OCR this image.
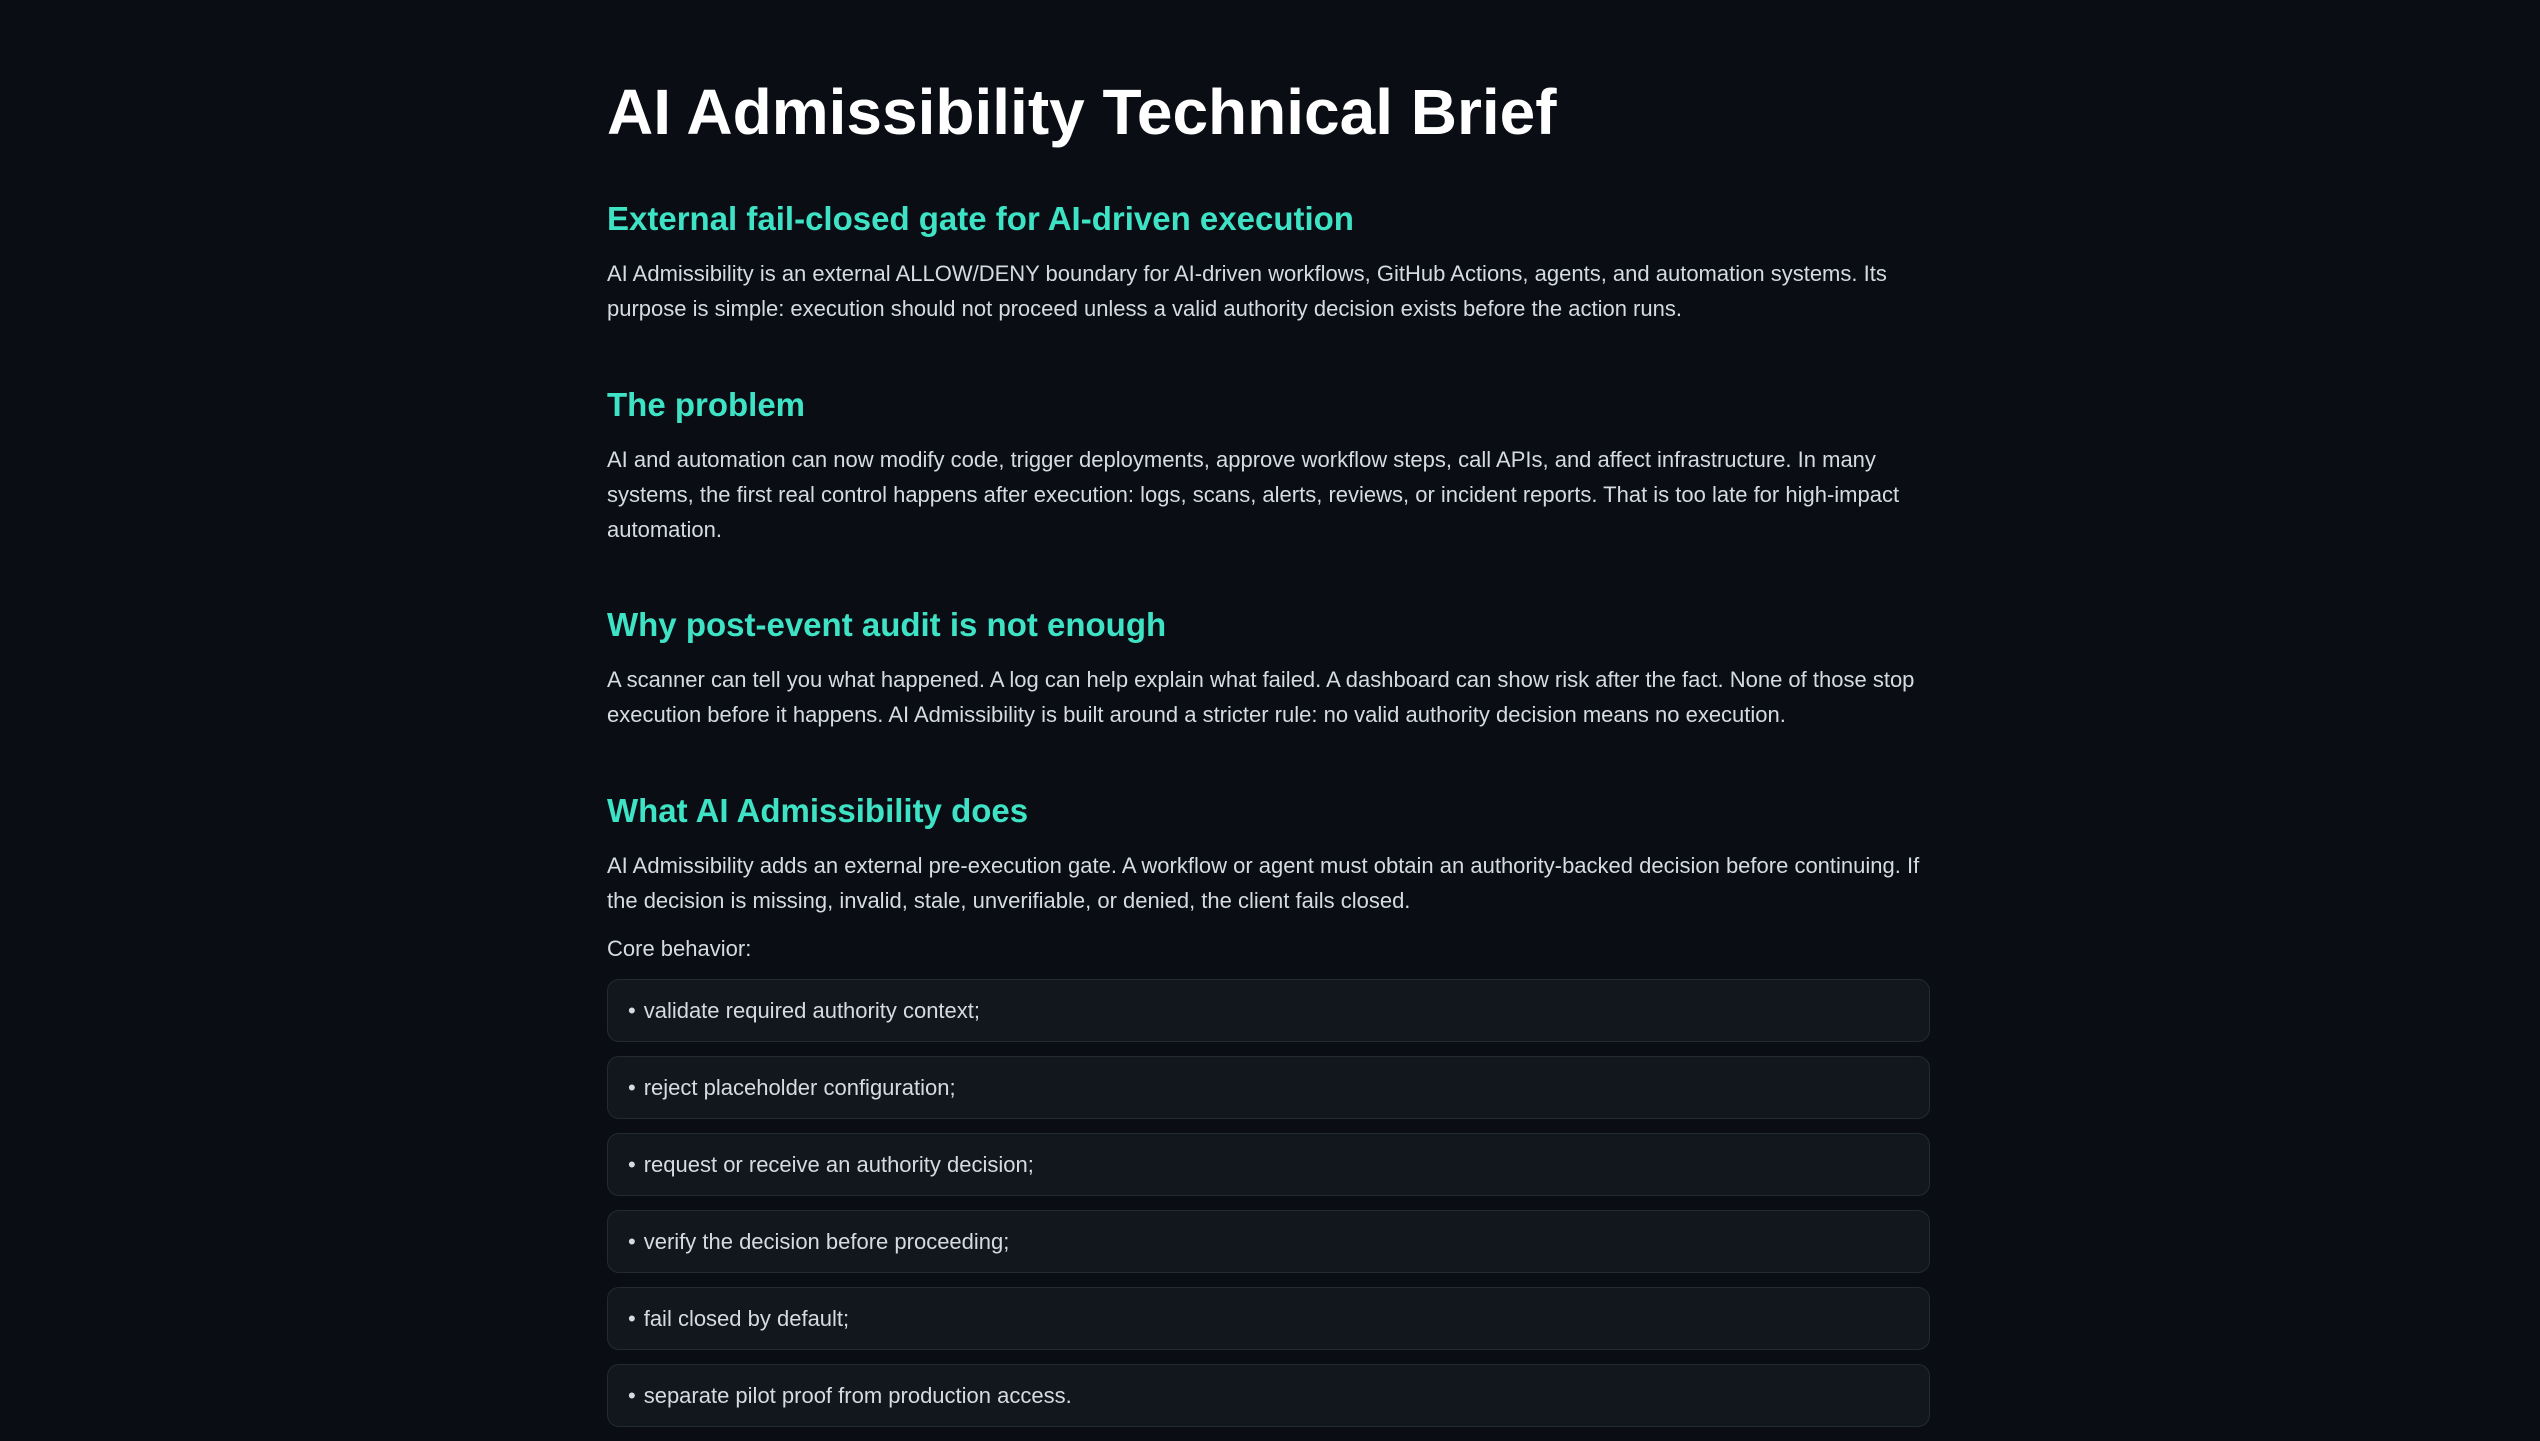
AI Admissibility Technical Brief
External fail-closed gate for AI-driven execution

AI Admissibility is an external ALLOW/DENY boundary for AI-driven workflows, GitHub Actions, agents, and automation systems. Its purpose is simple: execution should not proceed unless a valid authority decision exists before the action runs.

The problem

AI and automation can now modify code, trigger deployments, approve workflow steps, call APIs, and affect infrastructure. In many systems, the first real control happens after execution: logs, scans, alerts, reviews, or incident reports. That is too late for high-impact automation.

Why post-event audit is not enough

A scanner can tell you what happened. A log can help explain what failed. A dashboard can show risk after the fact. None of those stop execution before it happens. AI Admissibility is built around a stricter rule: no valid authority decision means no execution.

What AI Admissibility does

AI Admissibility adds an external pre-execution gate. A workflow or agent must obtain an authority-backed decision before continuing. If the decision is missing, invalid, stale, unverifiable, or denied, the client fails closed.

Core behavior:
• validate required authority context;
• reject placeholder configuration;
• request or receive an authority decision;
• verify the decision before proceeding;
• fail closed by default;
• separate pilot proof from production access.
